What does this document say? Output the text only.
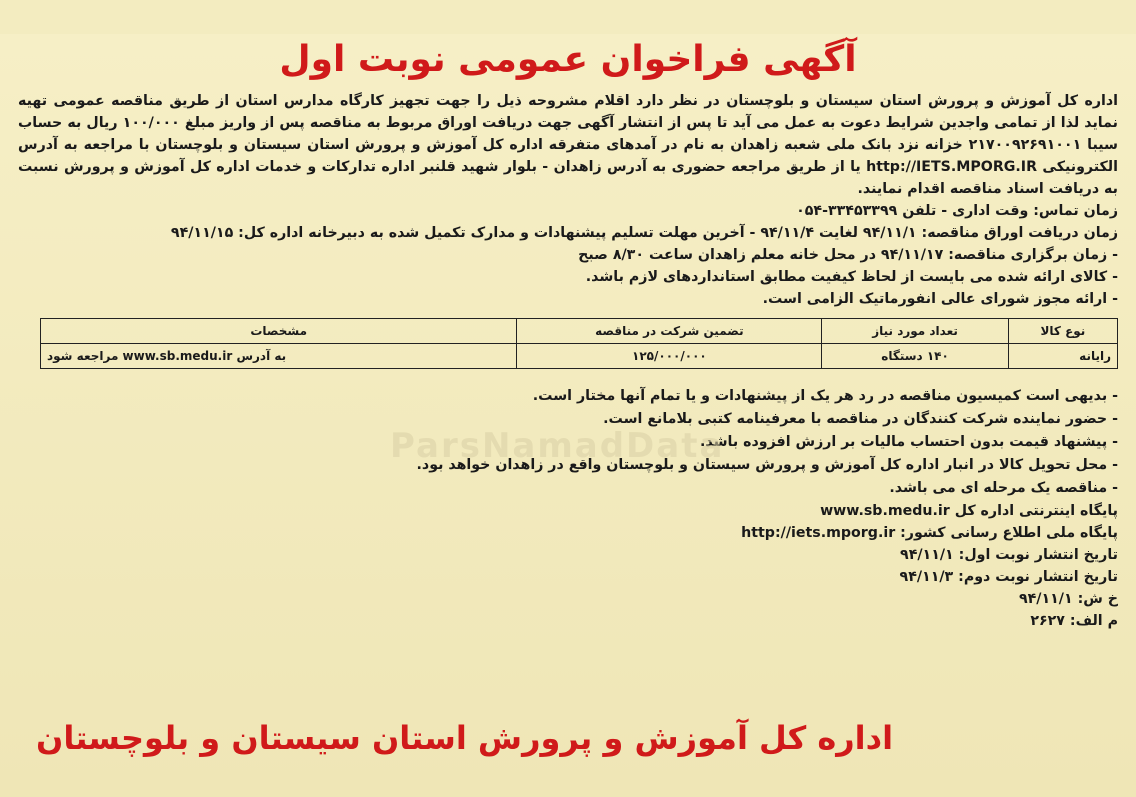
ParsNamadData
آگهی فراخوان عمومی نوبت اول

اداره کل آموزش و پرورش استان سیستان و بلوچستان در نظر دارد اقلام مشروحه ذیل را جهت تجهیز کارگاه مدارس استان از طریق مناقصه عمومی تهیه نماید لذا از تمامی واجدین شرایط دعوت به عمل می آید تا پس از انتشار آگهی جهت دریافت اوراق مربوط به مناقصه پس از واریز مبلغ ۱۰۰/۰۰۰ ریال به حساب سیبا ۲۱۷۰۰۹۲۶۹۱۰۰۱ خزانه نزد بانک ملی شعبه زاهدان به نام در آمدهای متفرقه اداره کل آموزش و پرورش استان سیستان و بلوچستان با مراجعه به آدرس الکترونیکی http://IETS.MPORG.IR یا از طریق مراجعه حضوری به آدرس زاهدان - بلوار شهید قلنبر اداره تدارکات و خدمات اداره کل آموزش و پرورش نسبت به دریافت اسناد مناقصه اقدام نمایند.

زمان تماس: وقت اداری - تلفن ۳۳۴۵۳۳۹۹-۰۵۴
زمان دریافت اوراق مناقصه: ۹۴/۱۱/۱ لغایت ۹۴/۱۱/۴ - آخرین مهلت تسلیم پیشنهادات و مدارک تکمیل شده به دبیرخانه اداره کل: ۹۴/۱۱/۱۵
- زمان برگزاری مناقصه: ۹۴/۱۱/۱۷ در محل خانه معلم زاهدان ساعت ۸/۳۰ صبح
- کالای ارائه شده می بایست از لحاظ کیفیت مطابق استانداردهای لازم باشد.
- ارائه مجوز شورای عالی انفورماتیک الزامی است.
نوع کالا	تعداد مورد نیاز	تضمین شرکت در مناقصه	مشخصات
رایانه	۱۴۰ دستگاه	۱۲۵/۰۰۰/۰۰۰	به آدرس www.sb.medu.ir مراجعه شود
- بدیهی است کمیسیون مناقصه در رد هر یک از پیشنهادات و یا تمام آنها مختار است.
- حضور نماینده شرکت کنندگان در مناقصه با معرفینامه کتبی بلامانع است.
- پیشنهاد قیمت بدون احتساب مالیات بر ارزش افزوده باشد.
- محل تحویل کالا در انبار اداره کل آموزش و پرورش سیستان و بلوچستان واقع در زاهدان خواهد بود.
- مناقصه یک مرحله ای می باشد.
پایگاه اینترنتی اداره کل www.sb.medu.ir
پایگاه ملی اطلاع رسانی کشور: http://iets.mporg.ir
تاریخ انتشار نوبت اول: ۹۴/۱۱/۱
تاریخ انتشار نوبت دوم: ۹۴/۱۱/۳
خ ش: ۹۴/۱۱/۱
م الف: ۲۶۲۷
اداره کل آموزش و پرورش استان سیستان و بلوچستان
